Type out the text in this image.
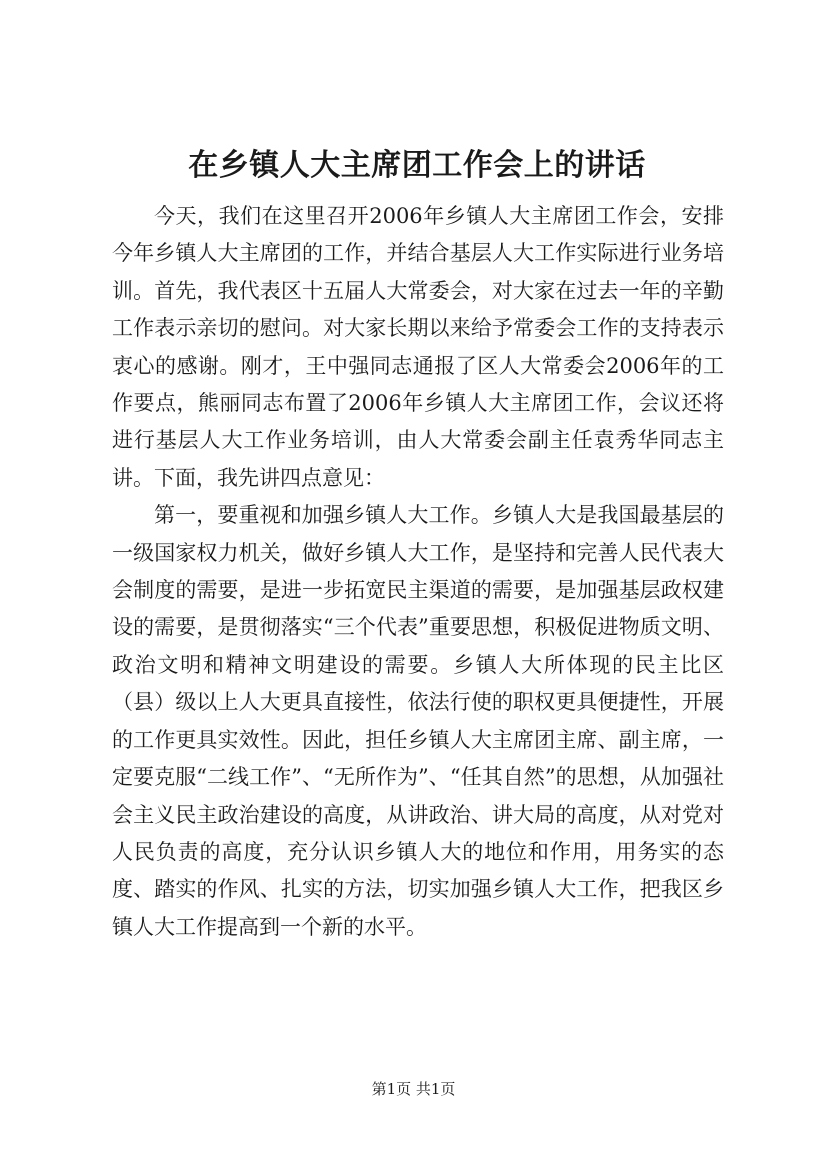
在乡镇人大主席团工作会上的讲话

今天，我们在这里召开2006年乡镇人大主席团工作会，安排今年乡镇人大主席团的工作，并结合基层人大工作实际进行业务培训。首先，我代表区十五届人大常委会，对大家在过去一年的辛勤工作表示亲切的慰问。对大家长期以来给予常委会工作的支持表示衷心的感谢。刚才，王中强同志通报了区人大常委会2006年的工作要点，熊丽同志布置了2006年乡镇人大主席团工作，会议还将进行基层人大工作业务培训，由人大常委会副主任袁秀华同志主讲。下面，我先讲四点意见：

第一，要重视和加强乡镇人大工作。乡镇人大是我国最基层的一级国家权力机关，做好乡镇人大工作，是坚持和完善人民代表大会制度的需要，是进一步拓宽民主渠道的需要，是加强基层政权建设的需要，是贯彻落实“三个代表”重要思想，积极促进物质文明、政治文明和精神文明建设的需要。乡镇人大所体现的民主比区（县）级以上人大更具直接性，依法行使的职权更具便捷性，开展的工作更具实效性。因此，担任乡镇人大主席团主席、副主席，一定要克服“二线工作”、“无所作为”、“任其自然”的思想，从加强社会主义民主政治建设的高度，从讲政治、讲大局的高度，从对党对人民负责的高度，充分认识乡镇人大的地位和作用，用务实的态度、踏实的作风、扎实的方法，切实加强乡镇人大工作，把我区乡镇人大工作提高到一个新的水平。

第1页 共1页
